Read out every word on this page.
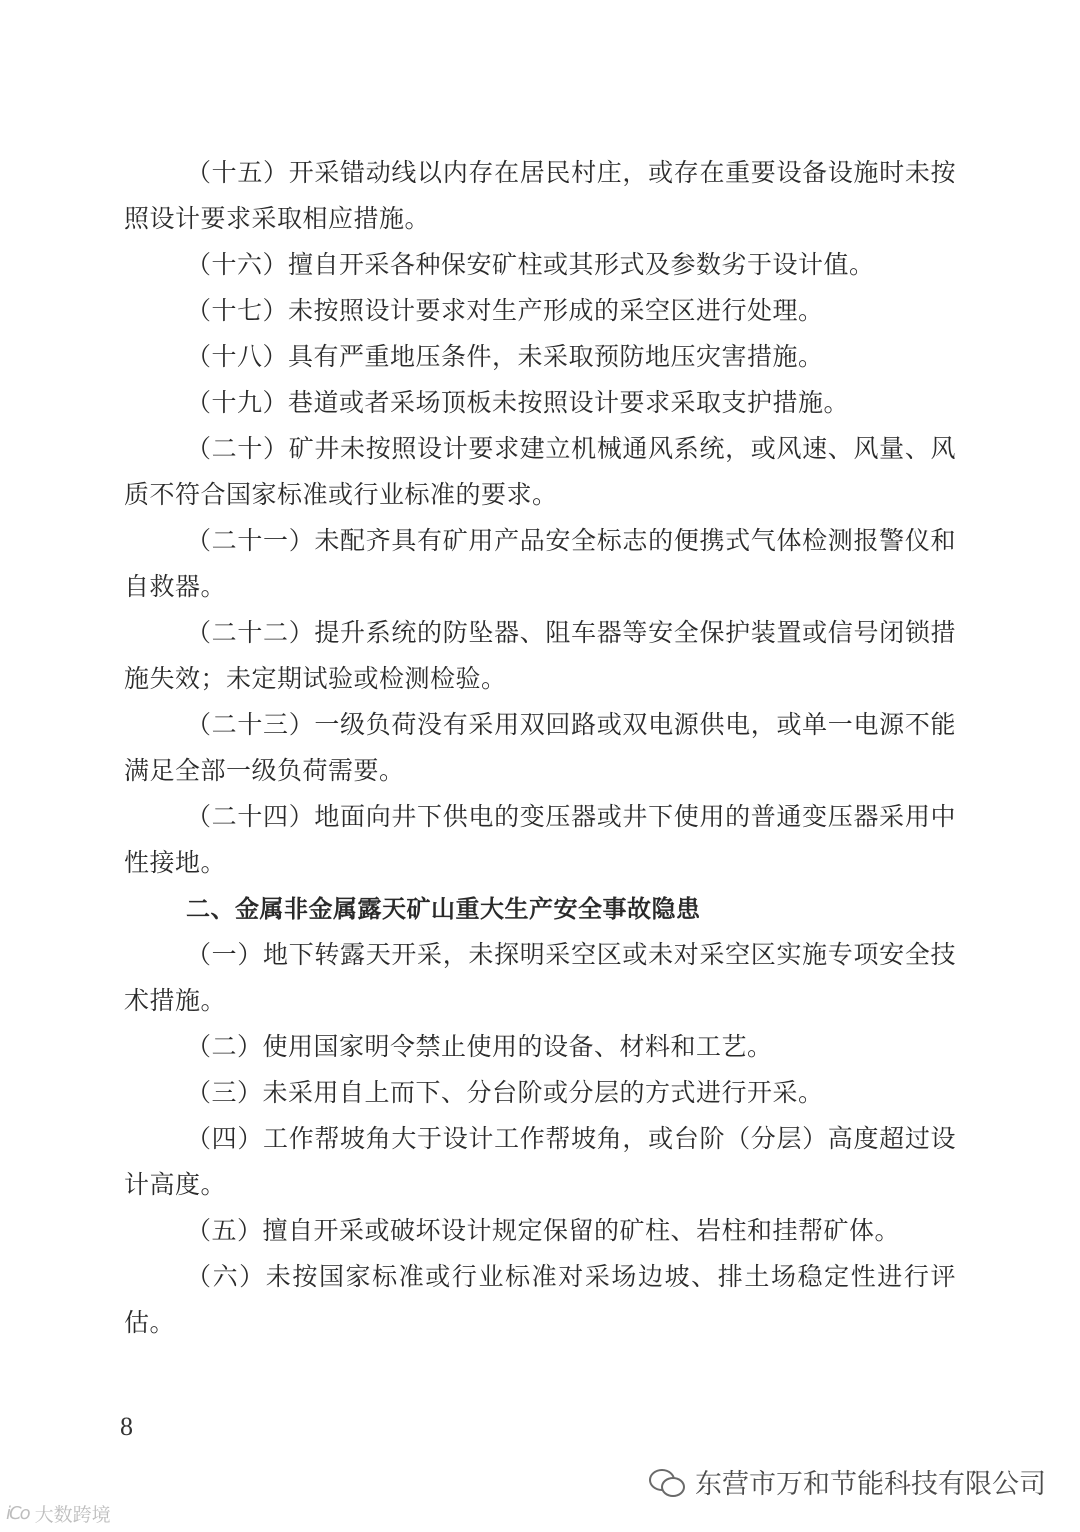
（十五）开采错动线以内存在居民村庄，或存在重要设备设施时未按照设计要求采取相应措施。

（十六）擅自开采各种保安矿柱或其形式及参数劣于设计值。

（十七）未按照设计要求对生产形成的采空区进行处理。

（十八）具有严重地压条件，未采取预防地压灾害措施。

（十九）巷道或者采场顶板未按照设计要求采取支护措施。

（二十）矿井未按照设计要求建立机械通风系统，或风速、风量、风质不符合国家标准或行业标准的要求。

（二十一）未配齐具有矿用产品安全标志的便携式气体检测报警仪和自救器。

（二十二）提升系统的防坠器、阻车器等安全保护装置或信号闭锁措施失效；未定期试验或检测检验。

（二十三）一级负荷没有采用双回路或双电源供电，或单一电源不能满足全部一级负荷需要。

（二十四）地面向井下供电的变压器或井下使用的普通变压器采用中性接地。

二、金属非金属露天矿山重大生产安全事故隐患

（一）地下转露天开采，未探明采空区或未对采空区实施专项安全技术措施。

（二）使用国家明令禁止使用的设备、材料和工艺。

（三）未采用自上而下、分台阶或分层的方式进行开采。

（四）工作帮坡角大于设计工作帮坡角，或台阶（分层）高度超过设计高度。

（五）擅自开采或破坏设计规定保留的矿柱、岩柱和挂帮矿体。

（六）未按国家标准或行业标准对采场边坡、排土场稳定性进行评估。

8
东营市万和节能科技有限公司
iCo 大数跨境
